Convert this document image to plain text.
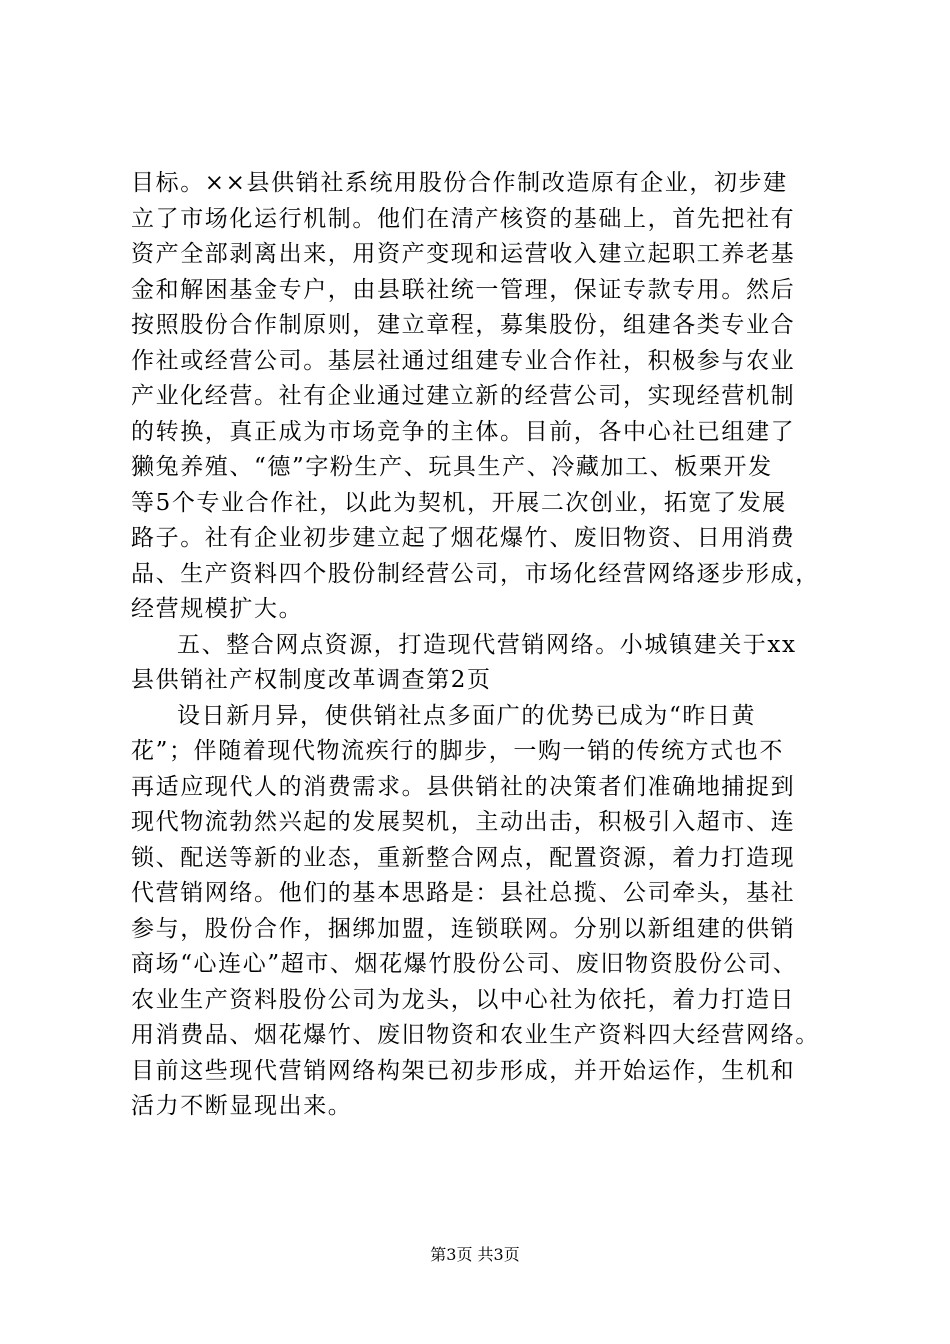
目标。××县供销社系统用股份合作制改造原有企业，初步建
立了市场化运行机制。他们在清产核资的基础上，首先把社有
资产全部剥离出来，用资产变现和运营收入建立起职工养老基
金和解困基金专户，由县联社统一管理，保证专款专用。然后
按照股份合作制原则，建立章程，募集股份，组建各类专业合
作社或经营公司。基层社通过组建专业合作社，积极参与农业
产业化经营。社有企业通过建立新的经营公司，实现经营机制
的转换，真正成为市场竞争的主体。目前，各中心社已组建了
獭兔养殖、“德”字粉生产、玩具生产、冷藏加工、板栗开发
等5个专业合作社，以此为契机，开展二次创业，拓宽了发展
路子。社有企业初步建立起了烟花爆竹、废旧物资、日用消费
品、生产资料四个股份制经营公司，市场化经营网络逐步形成，
经营规模扩大。
五、整合网点资源，打造现代营销网络。小城镇建关于xx
县供销社产权制度改革调查第2页
设日新月异，使供销社点多面广的优势已成为“昨日黄
花”；伴随着现代物流疾行的脚步，一购一销的传统方式也不
再适应现代人的消费需求。县供销社的决策者们准确地捕捉到
现代物流勃然兴起的发展契机，主动出击，积极引入超市、连
锁、配送等新的业态，重新整合网点，配置资源，着力打造现
代营销网络。他们的基本思路是：县社总揽、公司牵头，基社
参与，股份合作，捆绑加盟，连锁联网。分别以新组建的供销
商场“心连心”超市、烟花爆竹股份公司、废旧物资股份公司、
农业生产资料股份公司为龙头，以中心社为依托，着力打造日
用消费品、烟花爆竹、废旧物资和农业生产资料四大经营网络。
目前这些现代营销网络构架已初步形成，并开始运作，生机和
活力不断显现出来。
第3页 共3页
